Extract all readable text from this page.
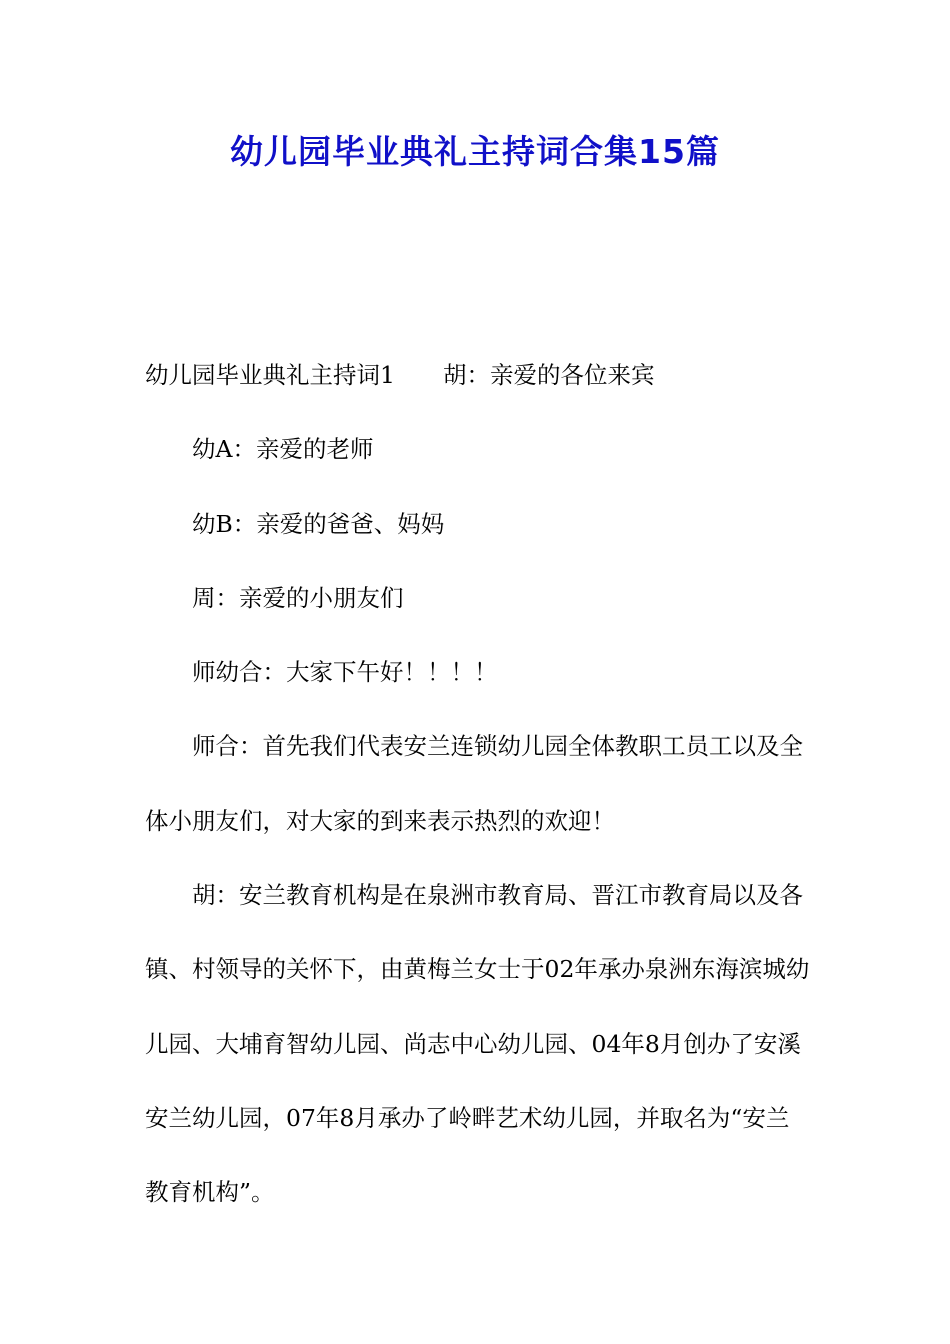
幼儿园毕业典礼主持词合集15篇

幼儿园毕业典礼主持词1 胡：亲爱的各位来宾

幼A：亲爱的老师

幼B：亲爱的爸爸、妈妈

周：亲爱的小朋友们

师幼合：大家下午好！！！！

师合：首先我们代表安兰连锁幼儿园全体教职工员工以及全体小朋友们，对大家的到来表示热烈的欢迎！

胡：安兰教育机构是在泉洲市教育局、晋江市教育局以及各镇、村领导的关怀下，由黄梅兰女士于02年承办泉洲东海滨城幼儿园、大埔育智幼儿园、尚志中心幼儿园、04年8月创办了安溪安兰幼儿园，07年8月承办了岭畔艺术幼儿园，并取名为“安兰教育机构”。
